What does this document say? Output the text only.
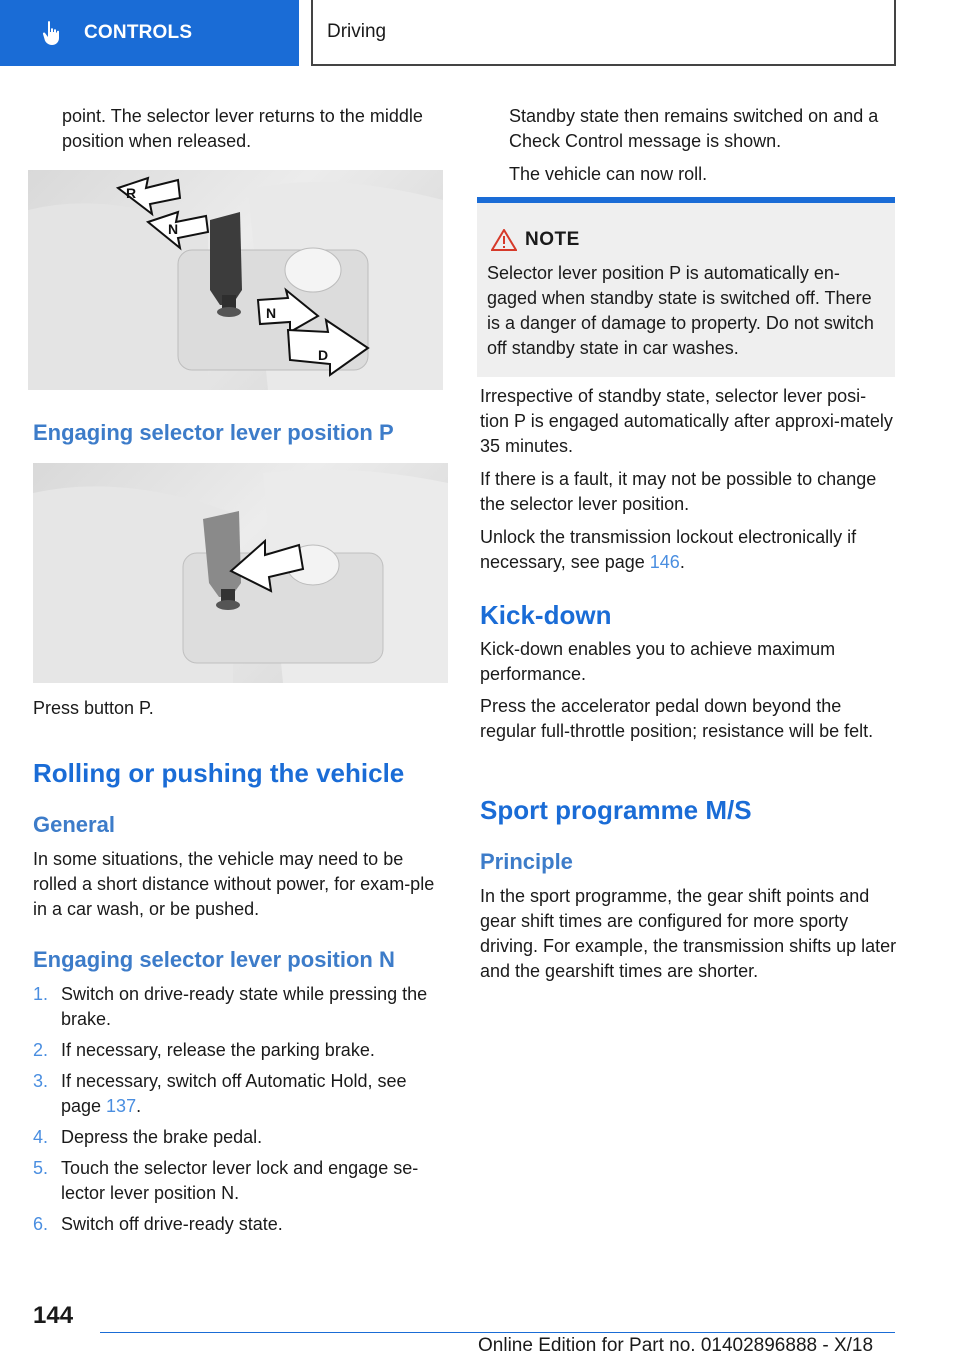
CONTROLS	Driving
point. The selector lever returns to the middle position when released.
R
N
N
D
Engaging selector lever position P
Press button P.
Rolling or pushing the vehicle
General
In some situations, the vehicle may need to be rolled a short distance without power, for exam-ple in a car wash, or be pushed.
Engaging selector lever position N
1. Switch on drive-ready state while pressing the brake.
2. If necessary, release the parking brake.
3. If necessary, switch off Automatic Hold, see page 137.
4. Depress the brake pedal.
5. Touch the selector lever lock and engage se-lector lever position N.
6. Switch off drive-ready state.
Standby state then remains switched on and a Check Control message is shown.
The vehicle can now roll.
NOTE
Selector lever position P is automatically en-gaged when standby state is switched off. There is a danger of damage to property. Do not switch off standby state in car washes.
Irrespective of standby state, selector lever posi-tion P is engaged automatically after approxi-mately 35 minutes.
If there is a fault, it may not be possible to change the selector lever position.
Unlock the transmission lockout electronically if necessary, see page 146.
Kick-down
Kick-down enables you to achieve maximum performance.
Press the accelerator pedal down beyond the regular full-throttle position; resistance will be felt.
Sport programme M/S
Principle
In the sport programme, the gear shift points and gear shift times are configured for more sporty driving. For example, the transmission shifts up later and the gearshift times are shorter.
144
Online Edition for Part no. 01402896888 - X/18
